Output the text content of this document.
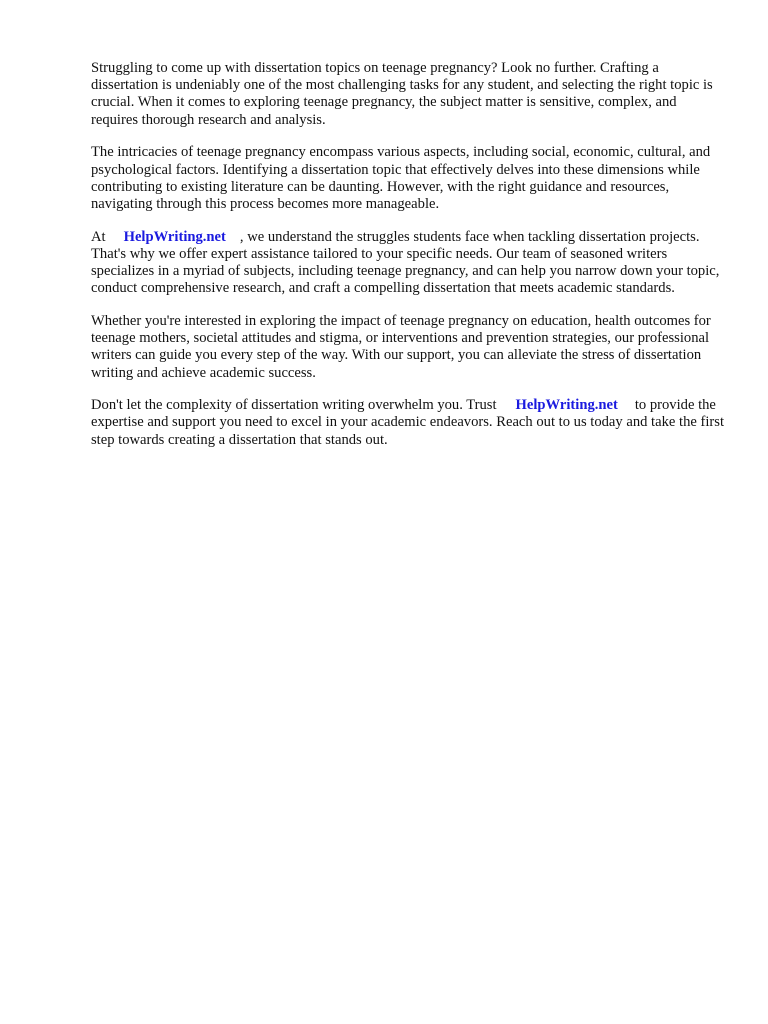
Struggling to come up with dissertation topics on teenage pregnancy? Look no further. Crafting a dissertation is undeniably one of the most challenging tasks for any student, and selecting the right topic is crucial. When it comes to exploring teenage pregnancy, the subject matter is sensitive, complex, and requires thorough research and analysis.

The intricacies of teenage pregnancy encompass various aspects, including social, economic, cultural, and psychological factors. Identifying a dissertation topic that effectively delves into these dimensions while contributing to existing literature can be daunting. However, with the right guidance and resources, navigating through this process becomes more manageable.

At HelpWriting.net , we understand the struggles students face when tackling dissertation projects. That's why we offer expert assistance tailored to your specific needs. Our team of seasoned writers specializes in a myriad of subjects, including teenage pregnancy, and can help you narrow down your topic, conduct comprehensive research, and craft a compelling dissertation that meets academic standards.

Whether you're interested in exploring the impact of teenage pregnancy on education, health outcomes for teenage mothers, societal attitudes and stigma, or interventions and prevention strategies, our professional writers can guide you every step of the way. With our support, you can alleviate the stress of dissertation writing and achieve academic success.

Don't let the complexity of dissertation writing overwhelm you. Trust HelpWriting.net to provide the expertise and support you need to excel in your academic endeavors. Reach out to us today and take the first step towards creating a dissertation that stands out.
